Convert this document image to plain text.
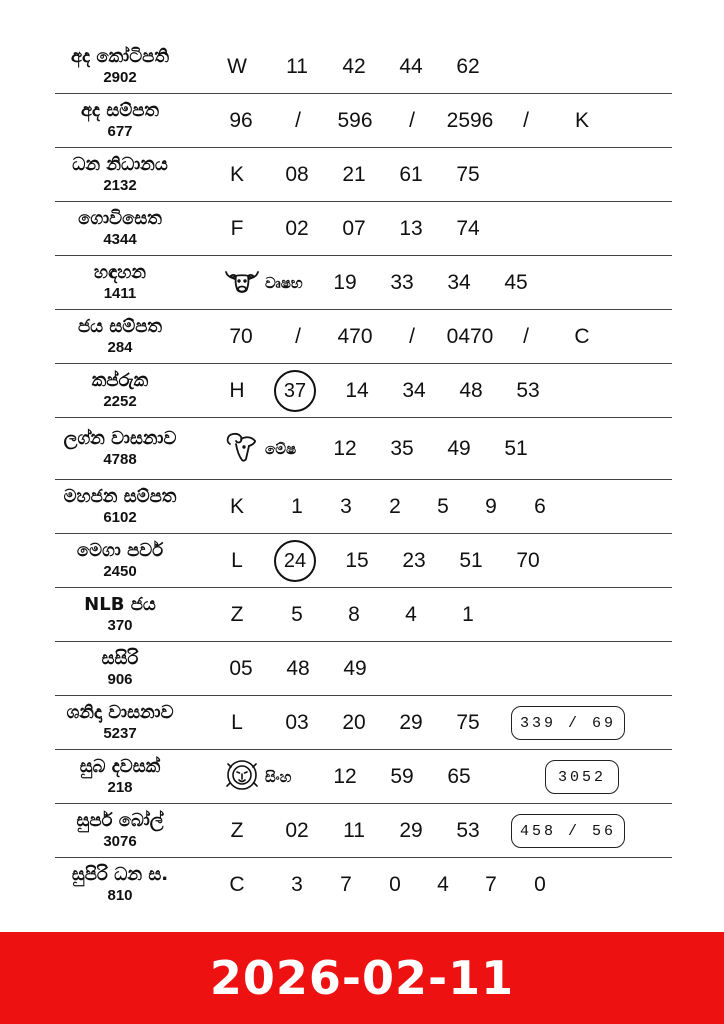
අද කෝටිපති
2902	W 11 42 44 62
අද සම්පත
677	96 / 596 / 2596 / K
ධන නිධානය
2132	K 08 21 61 75
ගොවිසෙත
4344	F 02 07 13 74
හඳහන
1411
වෘෂභ 19 33 34 45
ජය සම්පත
284	70 / 470 / 0470 / C
කප්රුක
2252	H	37	14 34 48 53
ලග්න වාසනාව
4788
මේෂ 12 35 49 51
මහජන සම්පත
6102	K 1 3 2 5 9 6
මෙගා පවර්
2450	L	24	15 23 51 70
NLB ජය
370	Z 5 8 4 1
සසිරි
906	05 48 49
ශනිදා වාසනාව
5237	L 03 20 29 75	339 / 69
සුබ දවසක්
218
සිංහ 12 59 65	3052
සුපර් බෝල්
3076	Z 02 11 29 53	458 / 56
සුපිරි ධන ස.
810	C 3 7 0 4 7 0
2026-02-11
